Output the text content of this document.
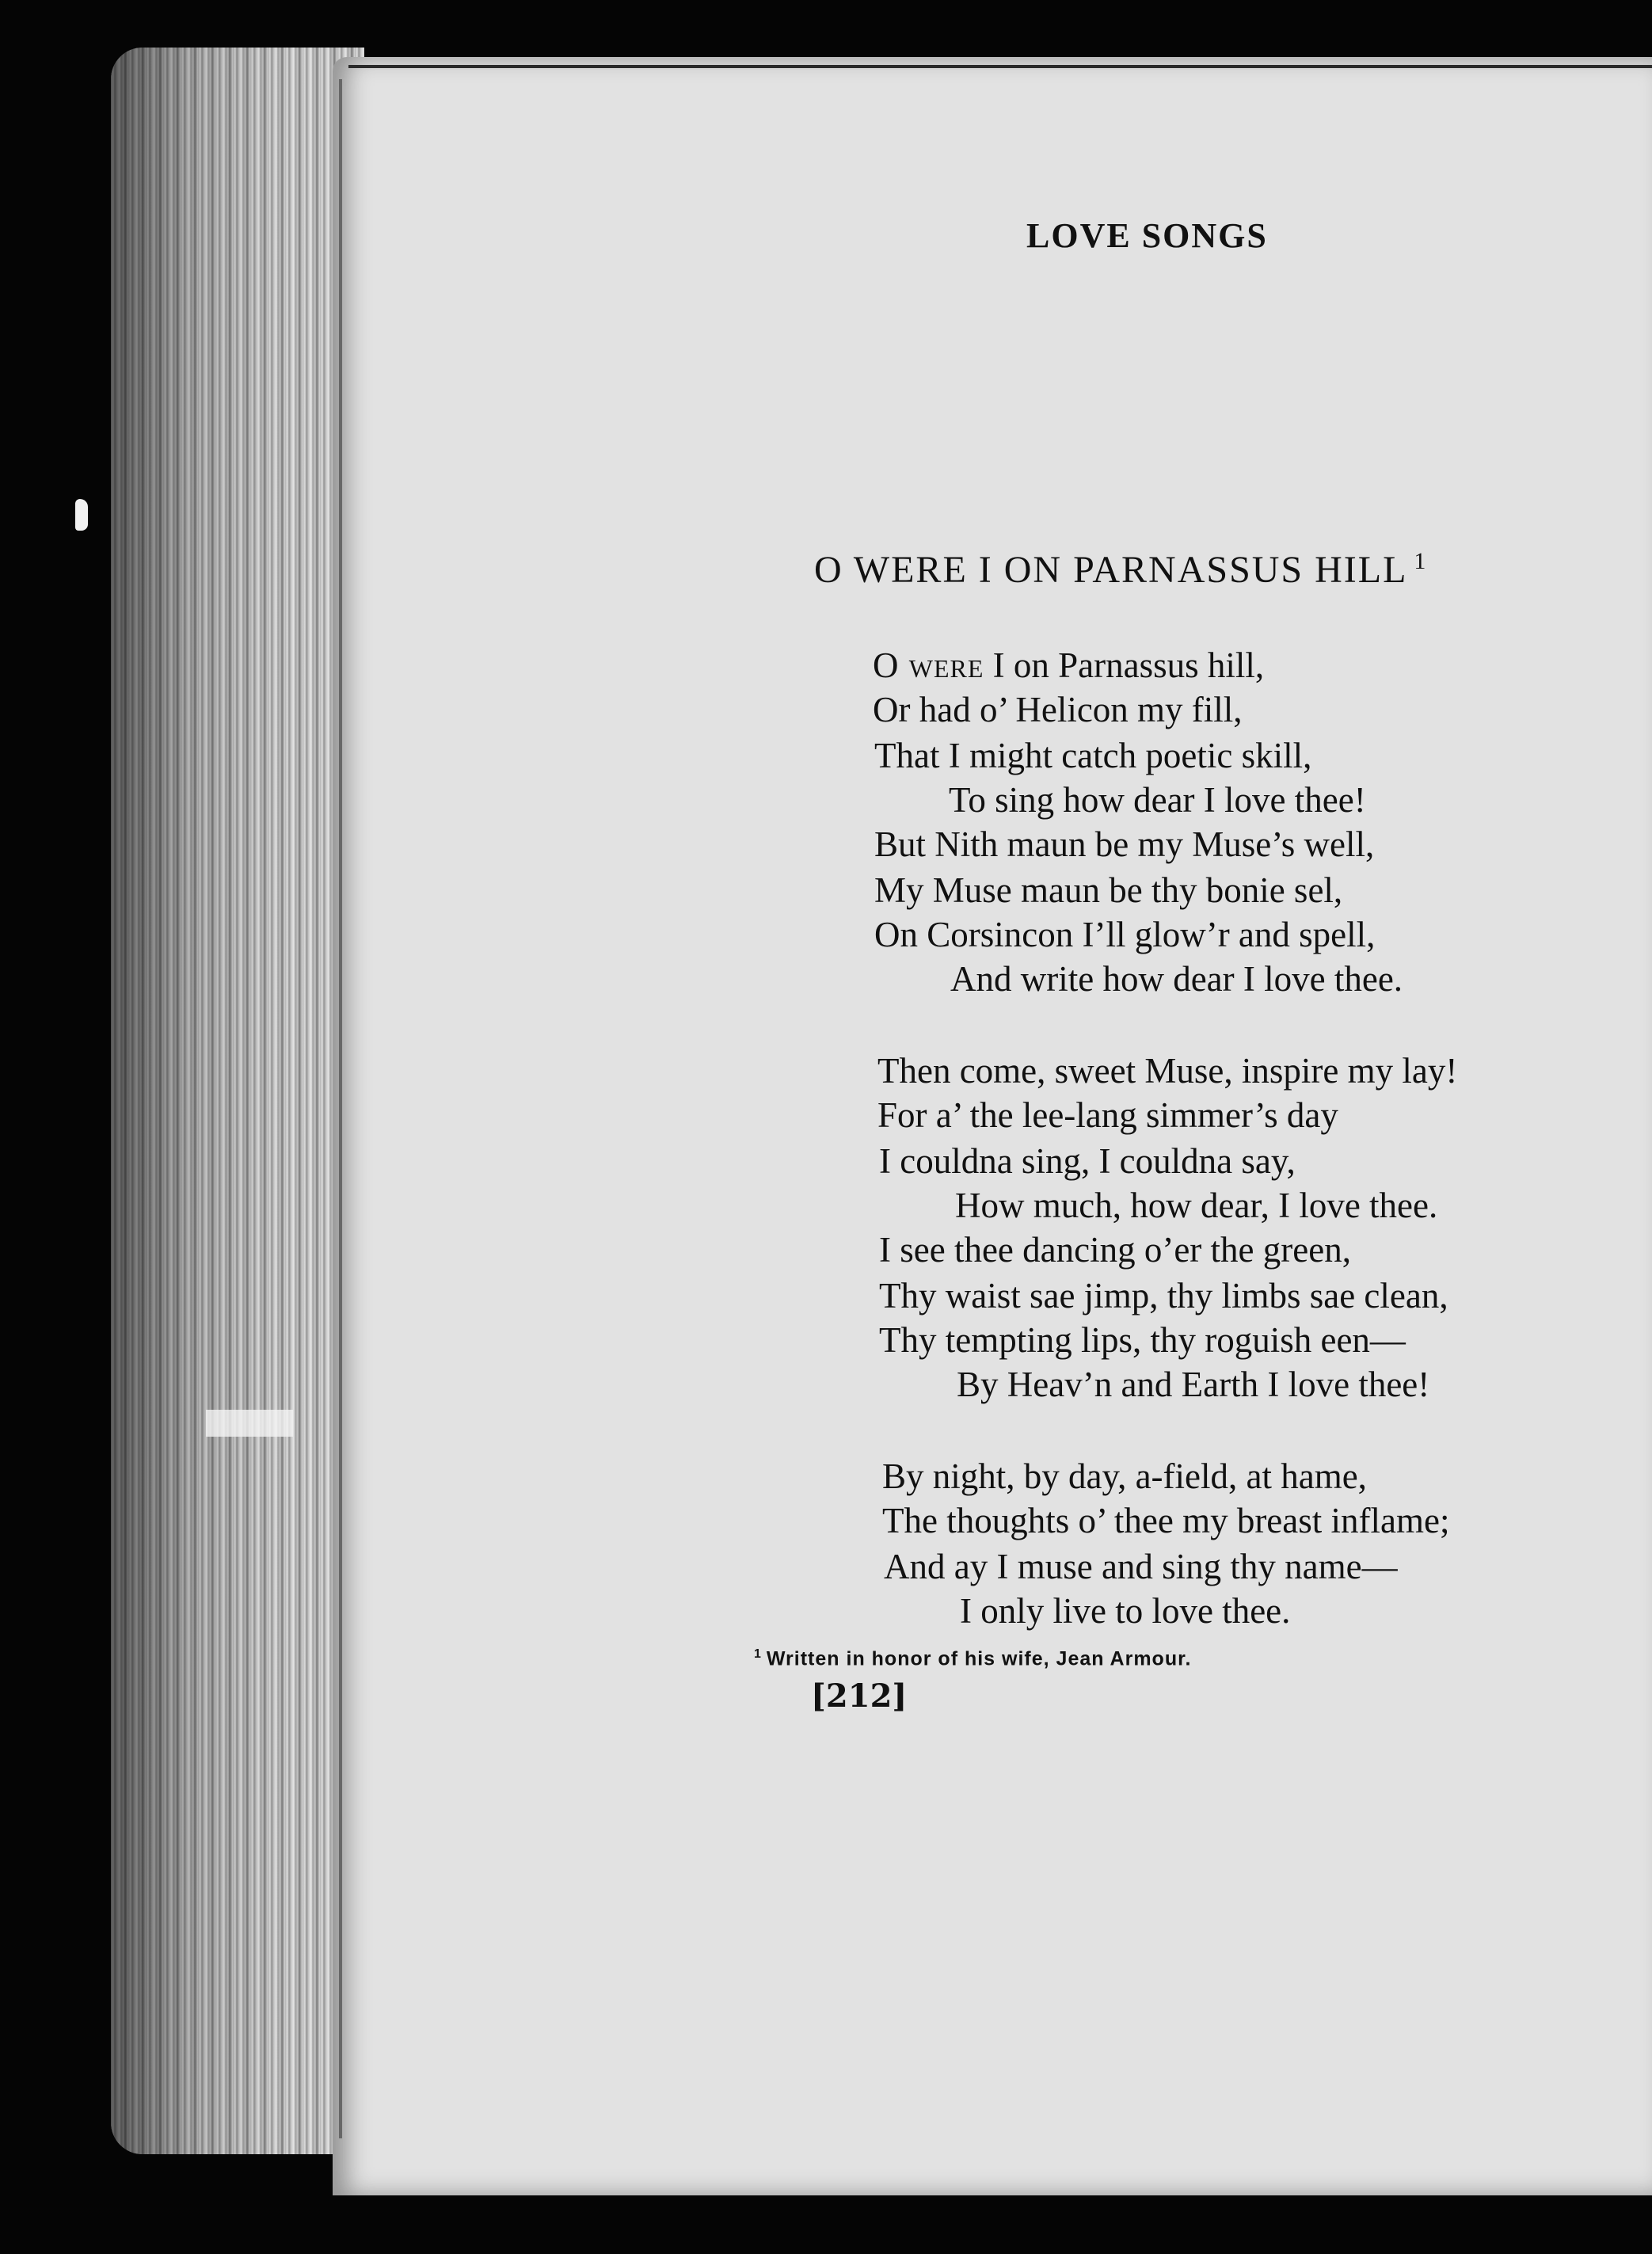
LOVE SONGS
O WERE I ON PARNASSUS HILL $^1$
O were I on Parnassus hill,
Or had o’ Helicon my fill,
That I might catch poetic skill,
To sing how dear I love thee!
But Nith maun be my Muse’s well,
My Muse maun be thy bonie sel,
On Corsincon I’ll glow’r and spell,
And write how dear I love thee.
Then come, sweet Muse, inspire my lay!
For a’ the lee-lang simmer’s day
I couldna sing, I couldna say,
How much, how dear, I love thee.
I see thee dancing o’er the green,
Thy waist sae jimp, thy limbs sae clean,
Thy tempting lips, thy roguish een—
By Heav’n and Earth I love thee!
By night, by day, a-field, at hame,
The thoughts o’ thee my breast inflame;
And ay I muse and sing thy name—
I only live to love thee.
$^1$ Written in honor of his wife, Jean Armour.
[212]
